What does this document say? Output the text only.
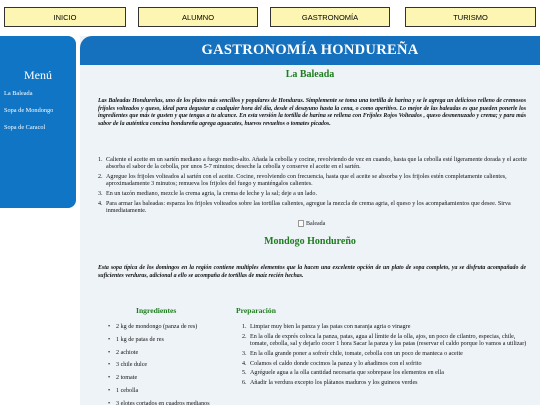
INICIO	ALUMNO	GASTRONOMÍA	TURISMO
Menú
La Baleada
Sopa de Mondongo
Sopa de Caracol
GASTRONOMÍA HONDUREÑA
La Baleada

Las Baleadas Hondureñas, uno de los platos más sencillos y populares de Honduras. Simplemente se toma una tortilla de harina y se le agrega un delicioso relleno de cremosos frijoles volteados y queso, ideal para degustar a cualquier hora del día, desde el desayuno hasta la cena, o como aperitivo. Lo mejor de las baleadas es que pueden ponerle los ingredientes que más te gusten y que tengas a tu alcance. En esta versión la tortilla de harina se rellena con Frijoles Rojos Volteados , queso desmenuzado y crema; y para más sabor de la auténtica concina hondureña agrega aguacates, huevos revueltos o tomates picados.

1. Caliente el aceite en un sartén mediano a fuego medio-alto. Añada la cebolla y cocine, revolviendo de vez en cuando, hasta que la cebolla esté ligeramente dorada y el aceite absorba el sabor de la cebolla, por unos 5-7 minutos; deseche la cebolla y conserve el aceite en el sartén.
2. Agregue los frijoles volteados al sartén con el aceite. Cocine, revolviendo con frecuencia, hasta que el aceite se absorba y los frijoles estén completamente calientes, aproximadamente 3 minutos; remueva los frijoles del fuego y manténgalos calientes.
3. En un tazón mediano, mezcle la crema agria, la crema de leche y la sal; deje a un lado.
4. Para armar las baleadas: esparza los frijoles volteados sobre las tortillas calientes, agregue la mezcla de crema agria, el queso y los acompañamientos que desee. Sirva inmediatamente.
Baleada
Mondogo Hondureño

Esta sopa típica de los domingos en la región contiene multiples elementos que la hacen una excelente opción de un plato de sopa completo, ya se disfruta acompañado de suficientes verduras, adicional a ello se acompaña de tortillas de maíz recién hechas.

Ingredientes	Preparación
• 2 kg de mondongo (panza de res)
• 1 kg de patas de res
• 2 achiote
• 3 chile dulce
• 2 tomate
• 1 cebolla
• 3 elotes cortados en cuadros medianos
1. Limpiar muy bien la panza y las patas con naranja agria o vinagre
2. En la olla de exprés coloca la panza, patas, agua al límite de la olla, ajos, un poco de cilantro, especias, chile, tomate, cebolla, sal y dejarlo cocer 1 hora Sacar la panza y las patas (reservar el caldo porque lo vamos a utilizar)
3. En la olla grande poner a sofreír chile, tomate, cebolla con un poco de manteca o aceite
4. Colamos el caldo donde cocimos la panza y lo añadimos con el sofrito
5. Agréguele agua a la olla cantidad necesaria que sobrepase los elementos en ella
6. Añadir la verdura excepto los plátanos maduros y los guineos verdes
